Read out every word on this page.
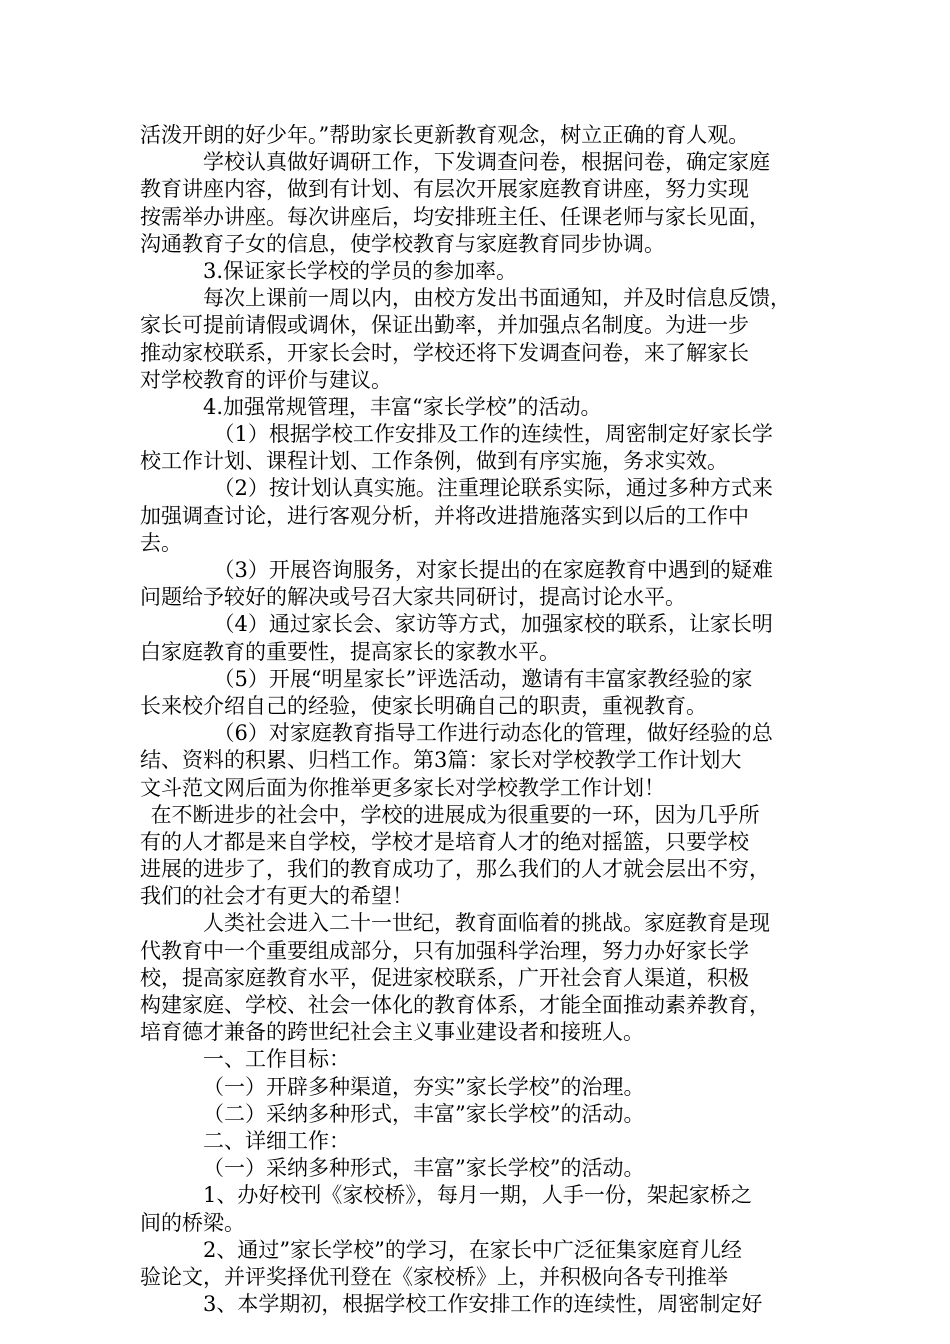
活泼开朗的好少年。”帮助家长更新教育观念，树立正确的育人观。
学校认真做好调研工作，下发调查问卷，根据问卷，确定家庭
教育讲座内容，做到有计划、有层次开展家庭教育讲座，努力实现
按需举办讲座。每次讲座后，均安排班主任、任课老师与家长见面，
沟通教育子女的信息，使学校教育与家庭教育同步协调。
3.保证家长学校的学员的参加率。
每次上课前一周以内，由校方发出书面通知，并及时信息反馈，
家长可提前请假或调休，保证出勤率，并加强点名制度。为进一步
推动家校联系，开家长会时，学校还将下发调查问卷，来了解家长
对学校教育的评价与建议。
4.加强常规管理，丰富“家长学校”的活动。
（1）根据学校工作安排及工作的连续性，周密制定好家长学
校工作计划、课程计划、工作条例，做到有序实施，务求实效。
（2）按计划认真实施。注重理论联系实际，通过多种方式来
加强调查讨论，进行客观分析，并将改进措施落实到以后的工作中
去。
（3）开展咨询服务，对家长提出的在家庭教育中遇到的疑难
问题给予较好的解决或号召大家共同研讨，提高讨论水平。
（4）通过家长会、家访等方式，加强家校的联系，让家长明
白家庭教育的重要性，提高家长的家教水平。
（5）开展“明星家长”评选活动，邀请有丰富家教经验的家
长来校介绍自己的经验，使家长明确自己的职责，重视教育。
（6）对家庭教育指导工作进行动态化的管理，做好经验的总
结、资料的积累、归档工作。第3篇：家长对学校教学工作计划大
文斗范文网后面为你推举更多家长对学校教学工作计划！
在不断进步的社会中，学校的进展成为很重要的一环，因为几乎所
有的人才都是来自学校，学校才是培育人才的绝对摇篮，只要学校
进展的进步了，我们的教育成功了，那么我们的人才就会层出不穷，
我们的社会才有更大的希望！
人类社会进入二十一世纪，教育面临着的挑战。家庭教育是现
代教育中一个重要组成部分，只有加强科学治理，努力办好家长学
校，提高家庭教育水平，促进家校联系，广开社会育人渠道，积极
构建家庭、学校、社会一体化的教育体系，才能全面推动素养教育，
培育德才兼备的跨世纪社会主义事业建设者和接班人。
一、工作目标：
（一）开辟多种渠道，夯实”家长学校”的治理。
（二）采纳多种形式，丰富”家长学校”的活动。
二、详细工作：
（一）采纳多种形式，丰富”家长学校”的活动。
1、办好校刊《家校桥》，每月一期，人手一份，架起家桥之
间的桥梁。
2、通过”家长学校”的学习，在家长中广泛征集家庭育儿经
验论文，并评奖择优刊登在《家校桥》上，并积极向各专刊推举
3、本学期初，根据学校工作安排工作的连续性，周密制定好
